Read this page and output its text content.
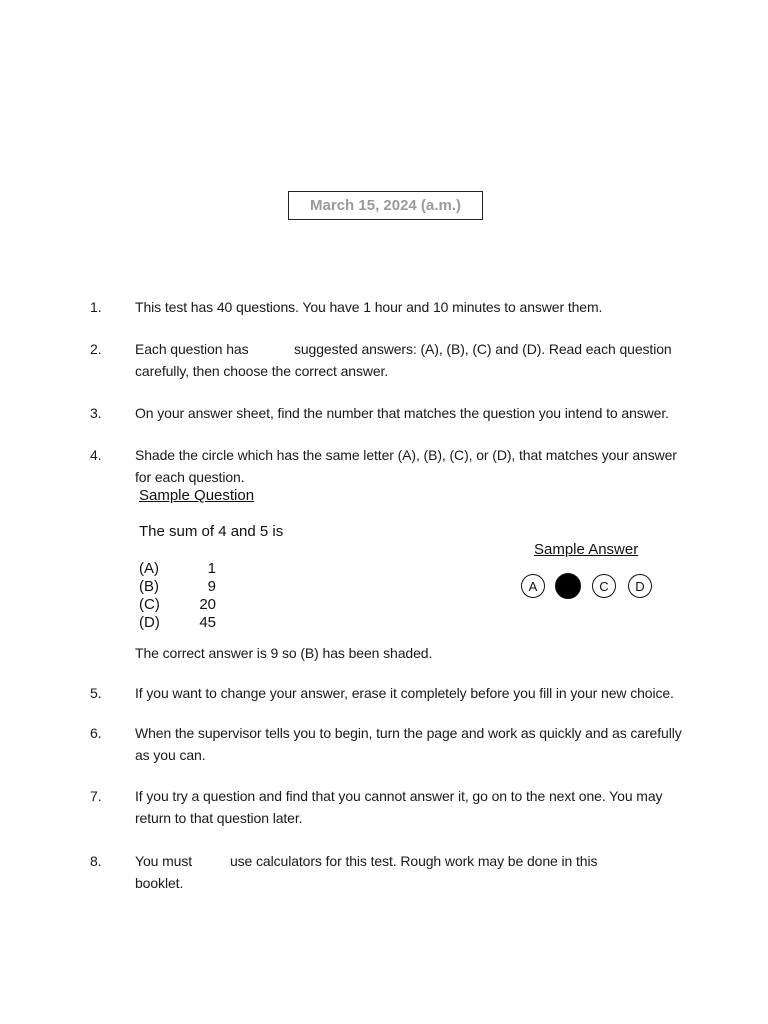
March 15, 2024 (a.m.)
1. This test has 40 questions. You have 1 hour and 10 minutes to answer them.
2. Each question has            suggested answers: (A), (B), (C) and (D). Read each question
carefully, then choose the correct answer.
3. On your answer sheet, find the number that matches the question you intend to answer.
4. Shade the circle which has the same letter (A), (B), (C), or (D), that matches your answer
for each question.
Sample Question
The sum of 4 and 5 is
(A)	1
(B)	9
(C)	20
(D)	45
Sample Answer
A	C D
The correct answer is 9 so (B) has been shaded.
5. If you want to change your answer, erase it completely before you fill in your new choice.
6. When the supervisor tells you to begin, turn the page and work as quickly and as carefully
as you can.
7. If you try a question and find that you cannot answer it, go on to the next one. You may
return to that question later.
8. You must          use calculators for this test. Rough work may be done in this
booklet.
